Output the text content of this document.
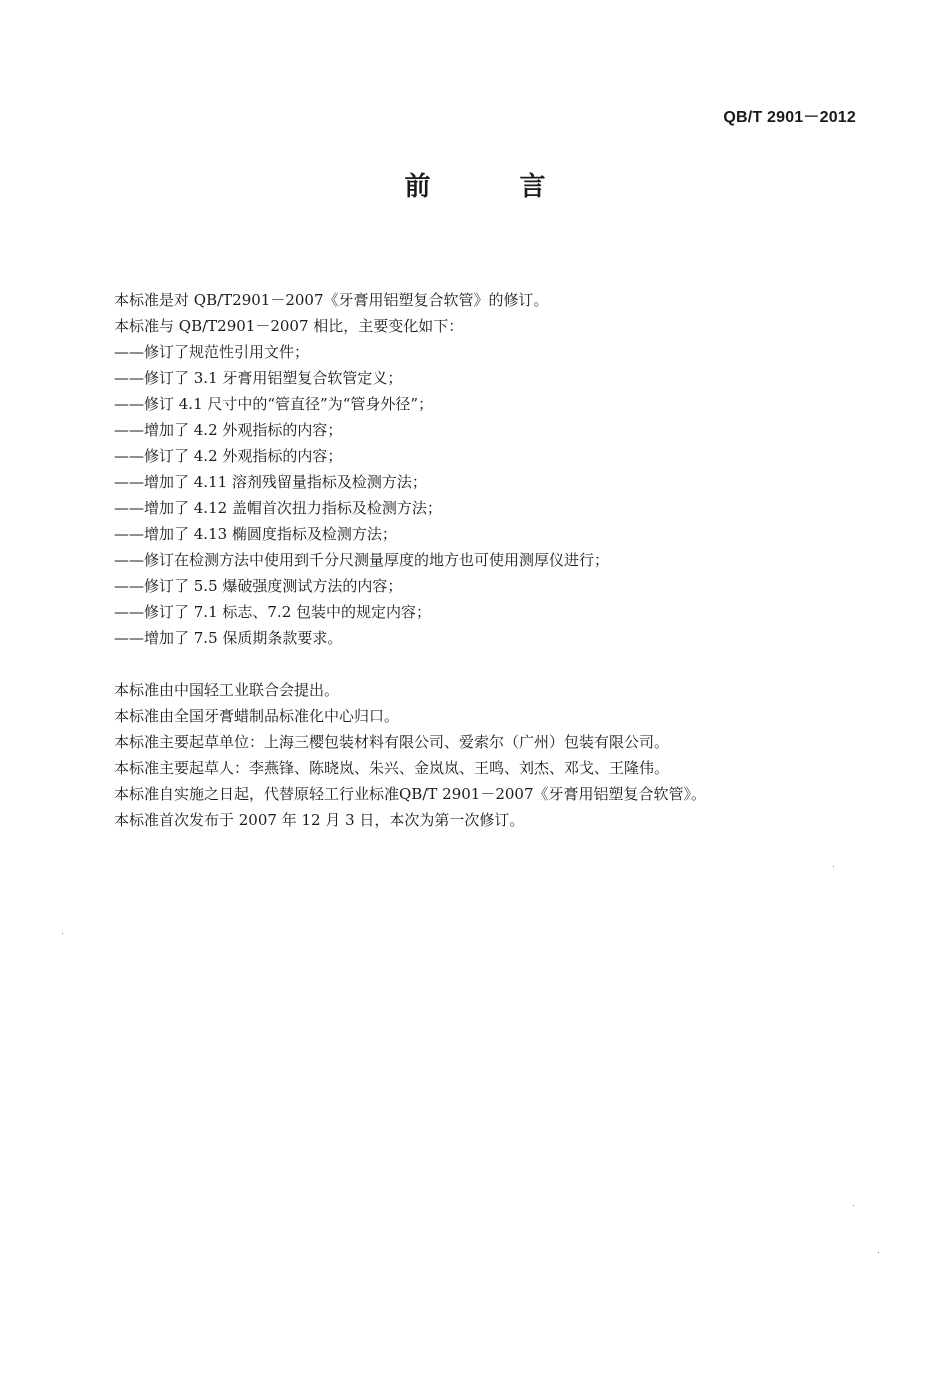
QB/T 2901－2012
前 言
本标准是对 QB/T2901－2007《牙膏用铝塑复合软管》的修订。
本标准与 QB/T2901－2007 相比，主要变化如下：
——修订了规范性引用文件；
——修订了 3.1 牙膏用铝塑复合软管定义；
——修订 4.1 尺寸中的“管直径”为“管身外径”；
——增加了 4.2 外观指标的内容；
——修订了 4.2 外观指标的内容；
——增加了 4.11 溶剂残留量指标及检测方法；
——增加了 4.12 盖帽首次扭力指标及检测方法；
——增加了 4.13 椭圆度指标及检测方法；
——修订在检测方法中使用到千分尺测量厚度的地方也可使用测厚仪进行；
——修订了 5.5 爆破强度测试方法的内容；
——修订了 7.1 标志、7.2 包装中的规定内容；
——增加了 7.5 保质期条款要求。
本标准由中国轻工业联合会提出。
本标准由全国牙膏蜡制品标准化中心归口。
本标准主要起草单位：上海三樱包装材料有限公司、爱索尔（广州）包装有限公司。
本标准主要起草人：李燕锋、陈晓岚、朱兴、金岚岚、王鸣、刘杰、邓戈、王隆伟。
本标准自实施之日起，代替原轻工行业标准QB/T 2901－2007《牙膏用铝塑复合软管》。
本标准首次发布于 2007 年 12 月 3 日，本次为第一次修订。
